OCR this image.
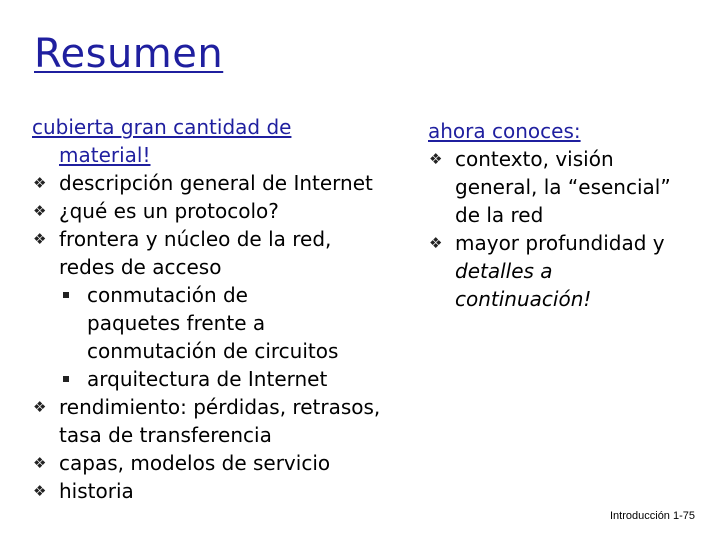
Resumen
cubierta gran cantidad de
material!
❖ descripción general de Internet
❖ ¿qué es un protocolo?
❖ frontera y núcleo de la red, redes de acceso
conmutación de paquetes frente a conmutación de circuitos
arquitectura de Internet
❖ rendimiento: pérdidas, retrasos, tasa de transferencia
❖ capas, modelos de servicio
❖ historia
ahora conoces:
❖ contexto, visión general, la “esencial” de la red
❖ mayor profundidad y detalles a continuación!
Introducción 1-75
